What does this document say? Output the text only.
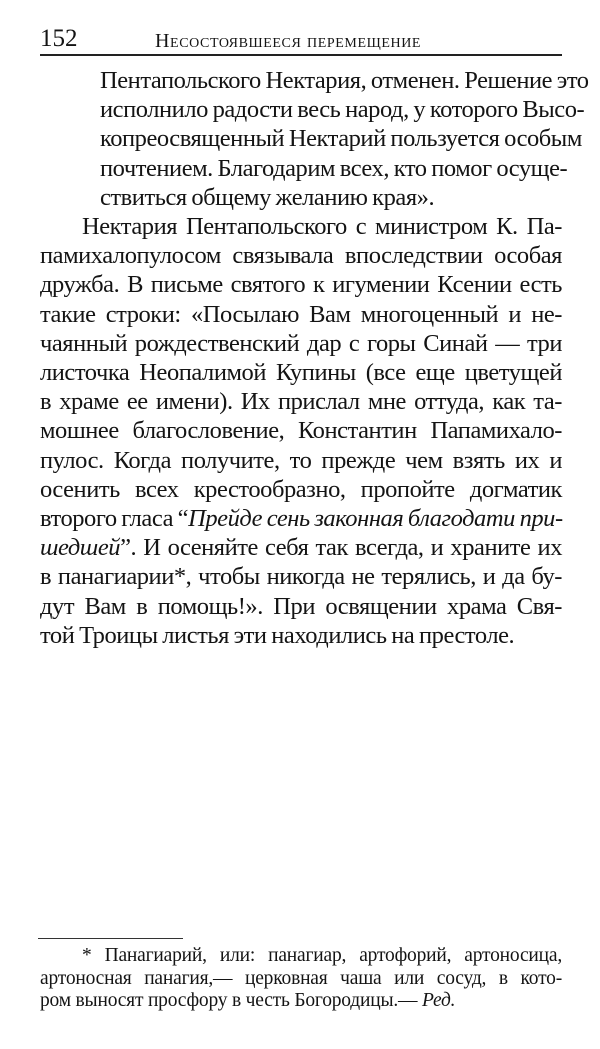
152	Несостоявшееся перемещение
Пентапольского Нектария, отменен. Решение это
исполнило радости весь народ, у которого Высо-
копреосвященный Нектарий пользуется особым
почтением. Благодарим всех, кто помог осуще-
ствиться общему желанию края».
Нектария Пентапольского с министром К. Па-
памихалопулосом связывала впоследствии особая
дружба. В письме святого к игумении Ксении есть
такие строки: «Посылаю Вам многоценный и не-
чаянный рождественский дар с горы Синай — три
листочка Неопалимой Купины (все еще цветущей
в храме ее имени). Их прислал мне оттуда, как та-
мошнее благословение, Константин Папамихало-
пулос. Когда получите, то прежде чем взять их и
осенить всех крестообразно, пропойте догматик
второго гласа “Прейде сень законная благодати при-
шедшей”. И осеняйте себя так всегда, и храните их
в панагиарии*, чтобы никогда не терялись, и да бу-
дут Вам в помощь!». При освящении храма Свя-
той Троицы листья эти находились на престоле.
* Панагиарий, или: панагиар, артофорий, артоносица,
артоносная панагия,— церковная чаша или сосуд, в кото-
ром выносят просфору в честь Богородицы.— Ред.
